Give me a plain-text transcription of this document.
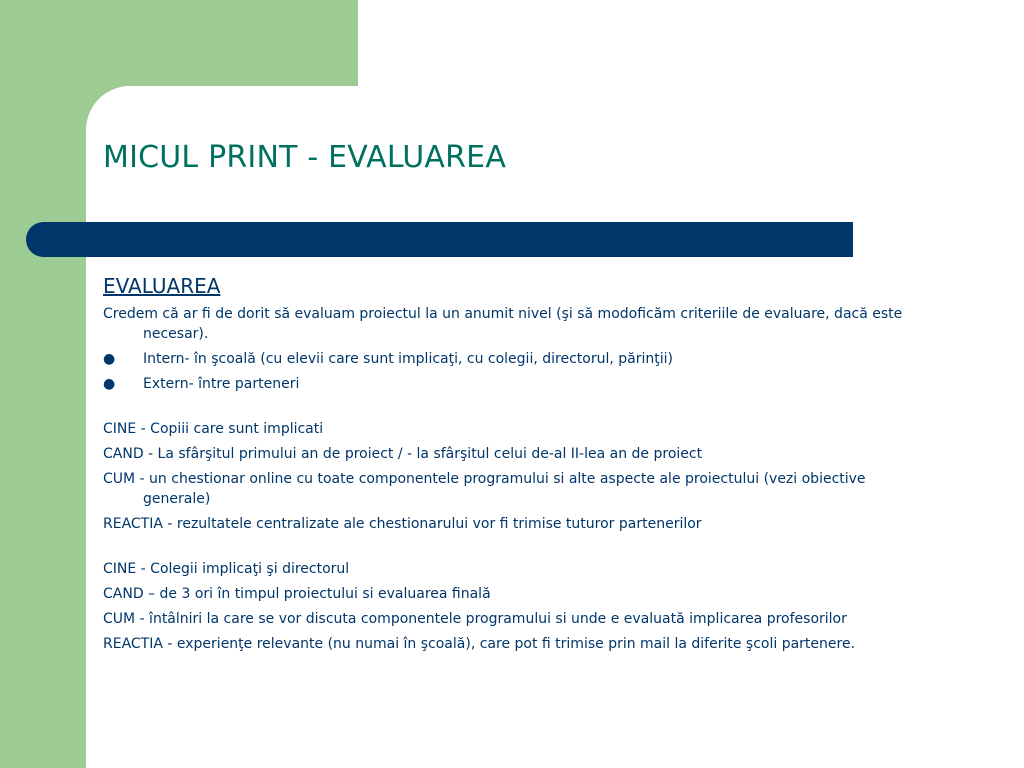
MICUL PRINT - EVALUAREA
EVALUAREA

Credem că ar fi de dorit să evaluam proiectul la un anumit nivel (şi să modoficăm criteriile de evaluare, dacă este necesar).

●	Intern- în şcoală (cu elevii care sunt implicaţi, cu colegii, directorul, părinţii)
●	Extern- între parteneri

CINE - Copiii care sunt implicati

CAND - La sfârşitul primului an de proiect / - la sfârşitul celui de-al II-lea an de proiect

CUM - un chestionar online cu toate componentele programului si alte aspecte ale proiectului (vezi obiective generale)

REACTIA - rezultatele centralizate ale chestionarului vor fi trimise tuturor partenerilor

CINE - Colegii implicaţi şi directorul

CAND – de 3 ori în timpul proiectului si evaluarea finală

CUM - întâlniri la care se vor discuta componentele programului si unde e evaluată implicarea profesorilor

REACTIA - experienţe relevante (nu numai în şcoală), care pot fi trimise prin mail la diferite şcoli partenere.
